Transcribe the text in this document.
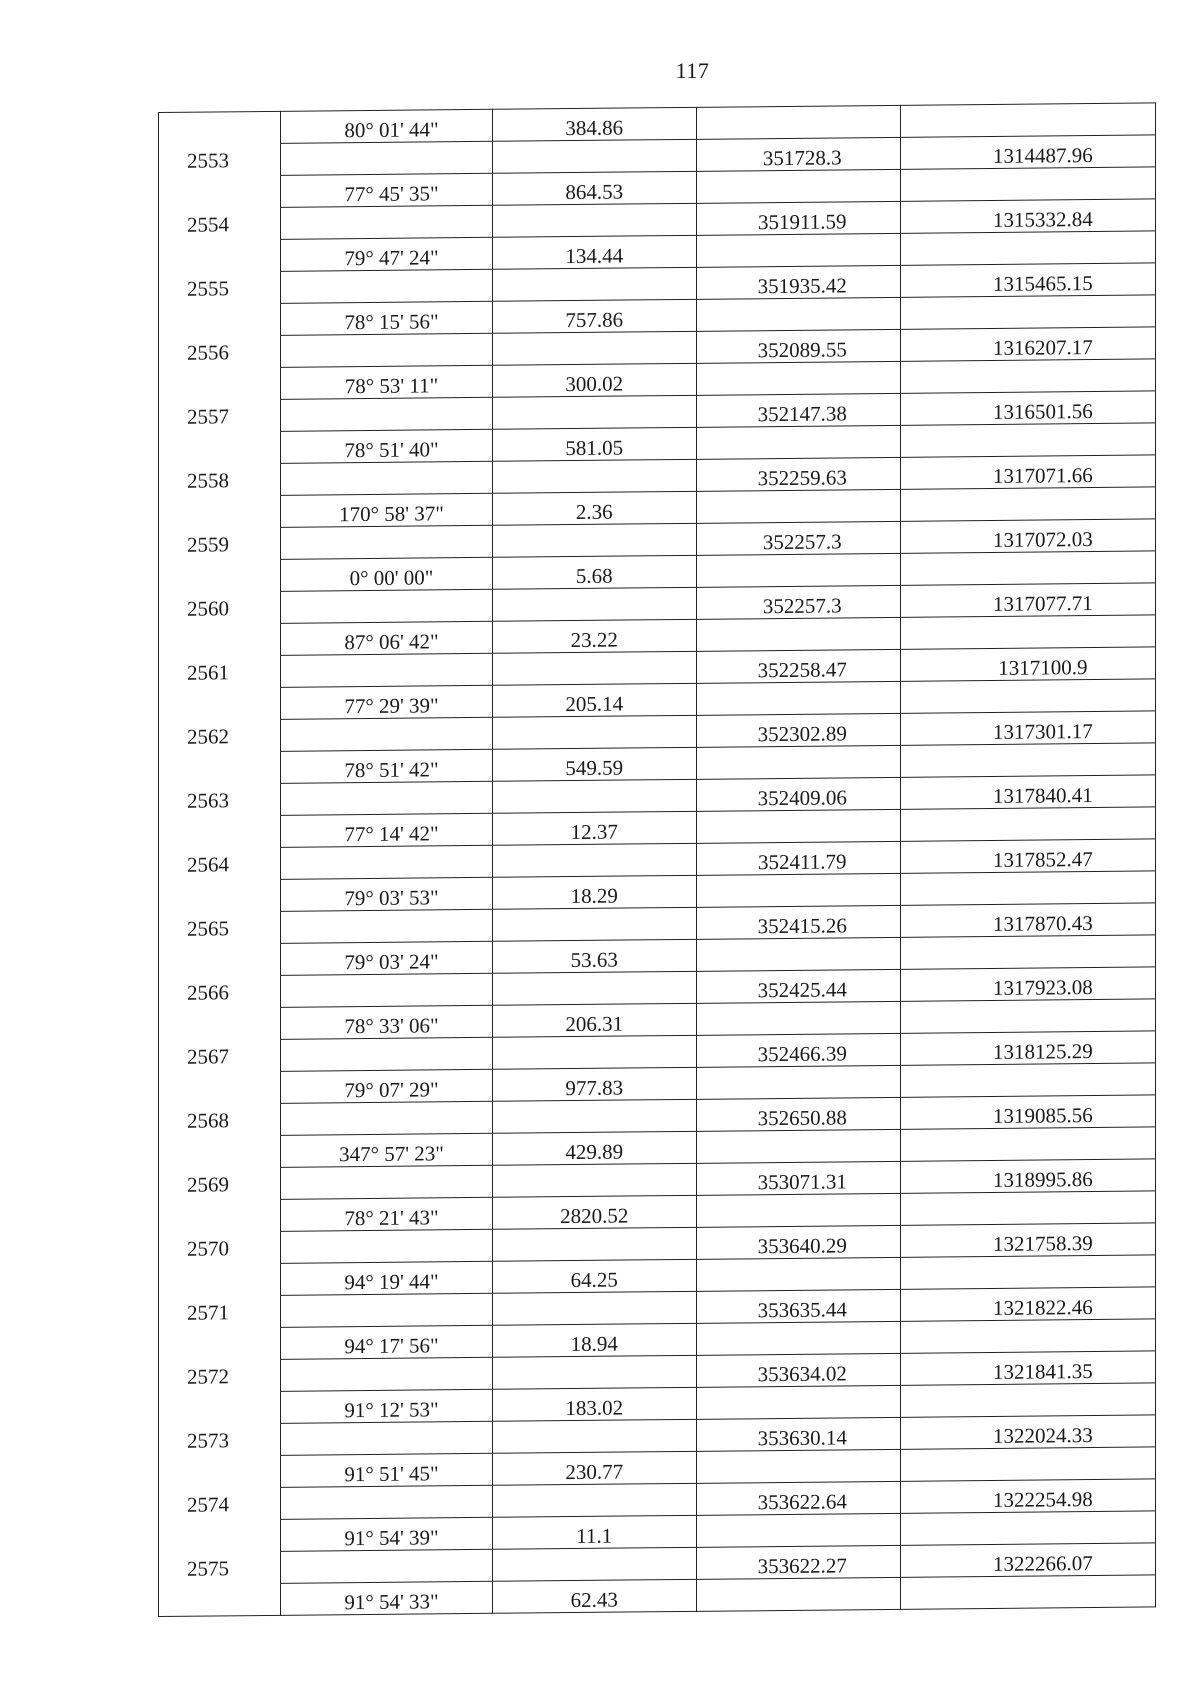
117
	80° 01' 44"	384.86		
2553			351728.3	1314487.96
	77° 45' 35"	864.53		
2554			351911.59	1315332.84
	79° 47' 24"	134.44		
2555			351935.42	1315465.15
	78° 15' 56"	757.86		
2556			352089.55	1316207.17
	78° 53' 11"	300.02		
2557			352147.38	1316501.56
	78° 51' 40"	581.05		
2558			352259.63	1317071.66
	170° 58' 37"	2.36		
2559			352257.3	1317072.03
	0° 00' 00"	5.68		
2560			352257.3	1317077.71
	87° 06' 42"	23.22		
2561			352258.47	1317100.9
	77° 29' 39"	205.14		
2562			352302.89	1317301.17
	78° 51' 42"	549.59		
2563			352409.06	1317840.41
	77° 14' 42"	12.37		
2564			352411.79	1317852.47
	79° 03' 53"	18.29		
2565			352415.26	1317870.43
	79° 03' 24"	53.63		
2566			352425.44	1317923.08
	78° 33' 06"	206.31		
2567			352466.39	1318125.29
	79° 07' 29"	977.83		
2568			352650.88	1319085.56
	347° 57' 23"	429.89		
2569			353071.31	1318995.86
	78° 21' 43"	2820.52		
2570			353640.29	1321758.39
	94° 19' 44"	64.25		
2571			353635.44	1321822.46
	94° 17' 56"	18.94		
2572			353634.02	1321841.35
	91° 12' 53"	183.02		
2573			353630.14	1322024.33
	91° 51' 45"	230.77		
2574			353622.64	1322254.98
	91° 54' 39"	11.1		
2575			353622.27	1322266.07
	91° 54' 33"	62.43		
